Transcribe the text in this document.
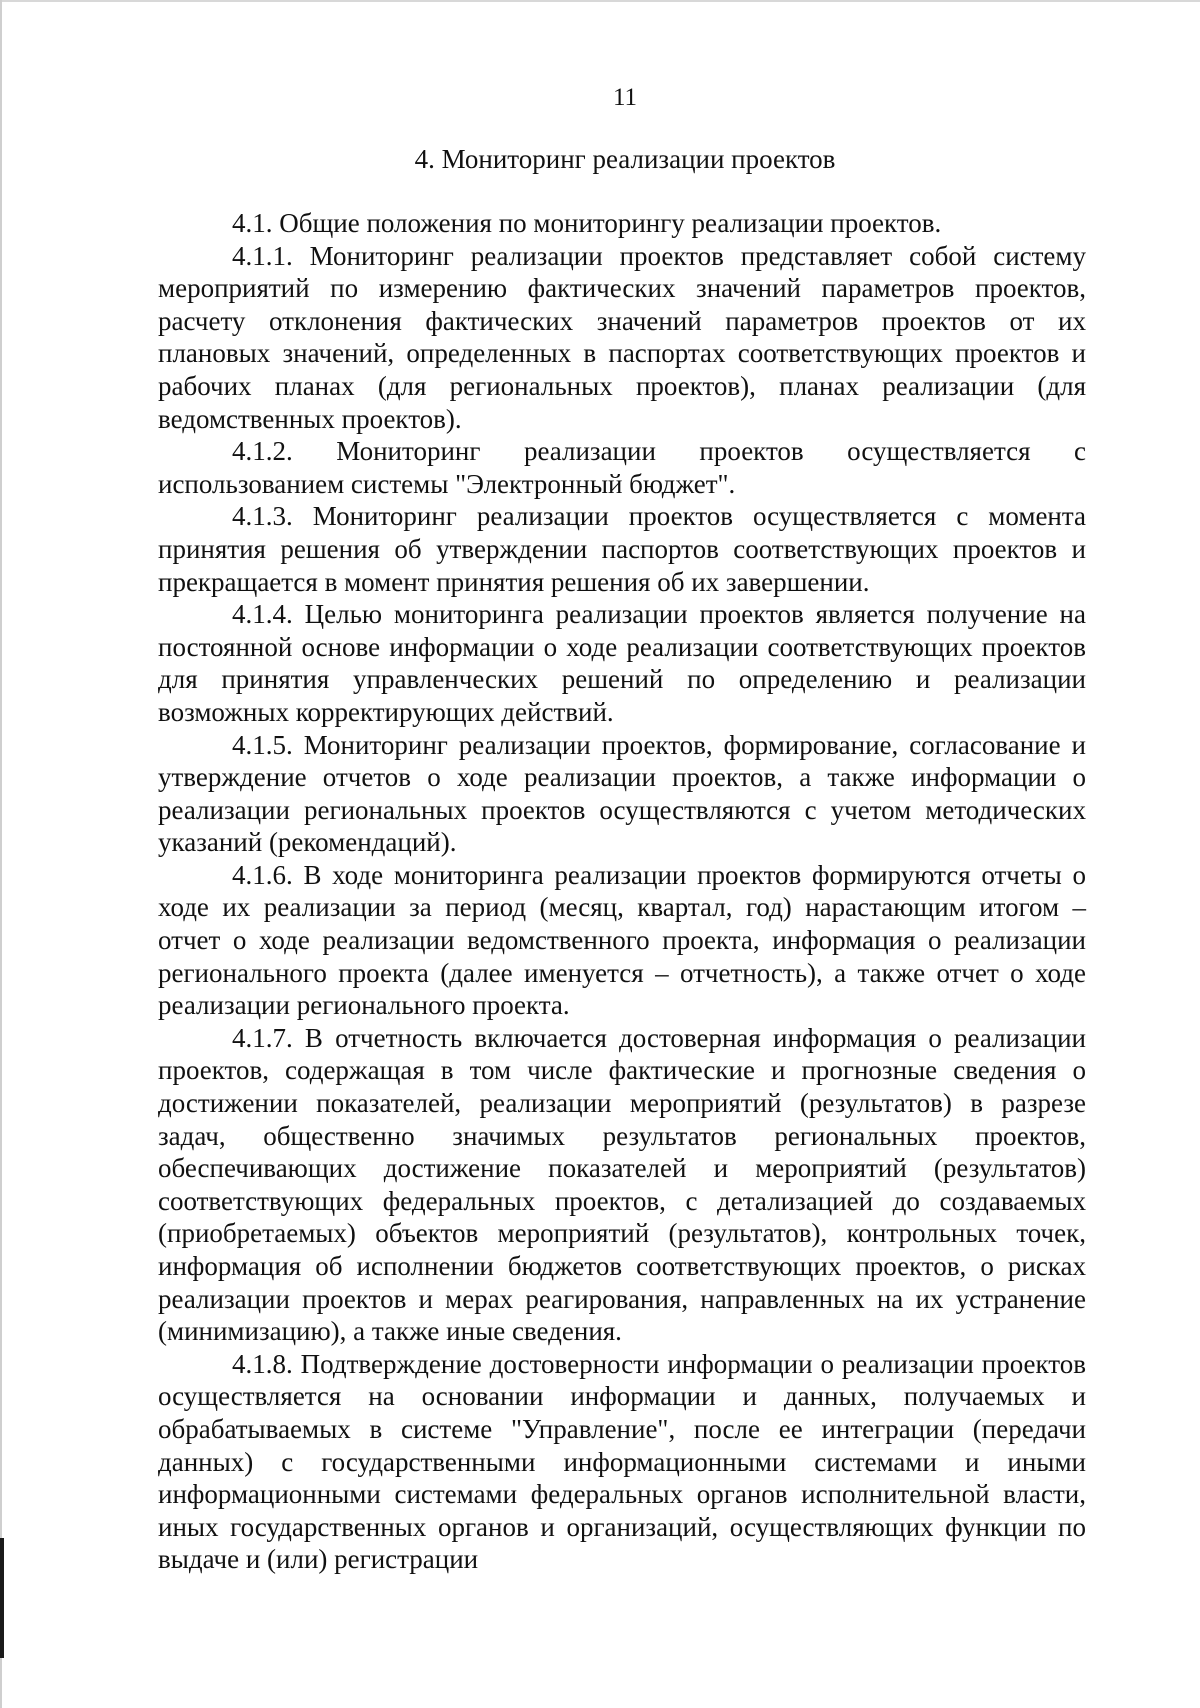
11
4. Мониторинг реализации проектов

4.1. Общие положения по мониторингу реализации проектов.

4.1.1. Мониторинг реализации проектов представляет собой систему мероприятий по измерению фактических значений параметров проектов, расчету отклонения фактических значений параметров проектов от их плановых значений, определенных в паспортах соответствующих проектов и рабочих планах (для региональных проектов), планах реализации (для ведомственных проектов).

4.1.2. Мониторинг реализации проектов осуществляется с использованием системы "Электронный бюджет".

4.1.3. Мониторинг реализации проектов осуществляется с момента принятия решения об утверждении паспортов соответствующих проектов и прекращается в момент принятия решения об их завершении.

4.1.4. Целью мониторинга реализации проектов является получение на постоянной основе информации о ходе реализации соответствующих проектов для принятия управленческих решений по определению и реализации возможных корректирующих действий.

4.1.5. Мониторинг реализации проектов, формирование, согласование и утверждение отчетов о ходе реализации проектов, а также информации о реализации региональных проектов осуществляются с учетом методических указаний (рекомендаций).

4.1.6. В ходе мониторинга реализации проектов формируются отчеты о ходе их реализации за период (месяц, квартал, год) нарастающим итогом – отчет о ходе реализации ведомственного проекта, информация о реализации регионального проекта (далее именуется – отчетность), а также отчет о ходе реализации регионального проекта.

4.1.7. В отчетность включается достоверная информация о реализации проектов, содержащая в том числе фактические и прогнозные сведения о достижении показателей, реализации мероприятий (результатов) в разрезе задач, общественно значимых результатов региональных проектов, обеспечивающих достижение показателей и мероприятий (результатов) соответствующих федеральных проектов, с детализацией до создаваемых (приобретаемых) объектов мероприятий (результатов), контрольных точек, информация об исполнении бюджетов соответствующих проектов, о рисках реализации проектов и мерах реагирования, направленных на их устранение (минимизацию), а также иные сведения.

4.1.8. Подтверждение достоверности информации о реализации проектов осуществляется на основании информации и данных, получаемых и обрабатываемых в системе "Управление", после ее интеграции (передачи данных) с государственными информационными системами и иными информационными системами федеральных органов исполнительной власти, иных государственных органов и организаций, осуществляющих функции по выдаче и (или) регистрации
